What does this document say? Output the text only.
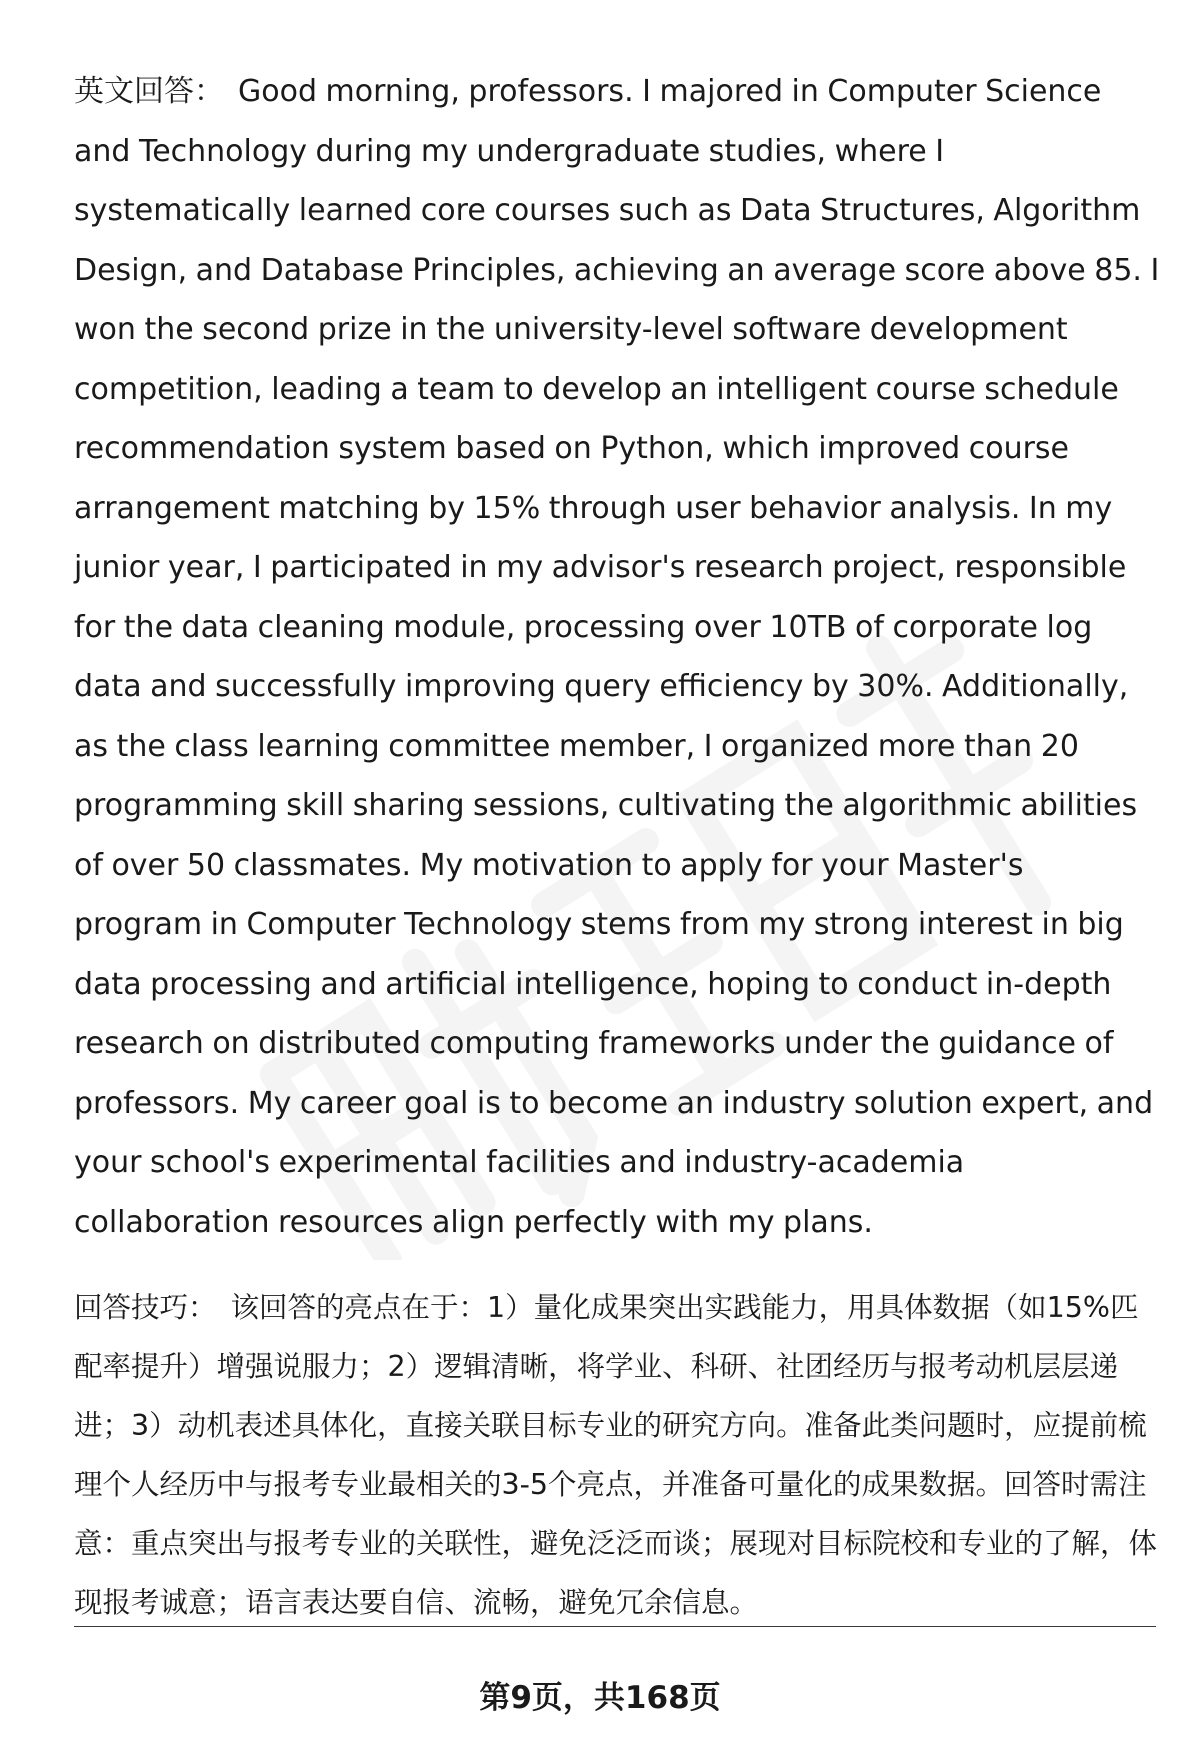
英文回答： Good morning, professors. I majored in Computer Science and Technology during my undergraduate studies, where I systematically learned core courses such as Data Structures, Algorithm Design, and Database Principles, achieving an average score above 85. I won the second prize in the university-level software development competition, leading a team to develop an intelligent course schedule recommendation system based on Python, which improved course arrangement matching by 15% through user behavior analysis. In my junior year, I participated in my advisor's research project, responsible for the data cleaning module, processing over 10TB of corporate log data and successfully improving query efficiency by 30%. Additionally, as the class learning committee member, I organized more than 20 programming skill sharing sessions, cultivating the algorithmic abilities of over 50 classmates. My motivation to apply for your Master's program in Computer Technology stems from my strong interest in big data processing and artificial intelligence, hoping to conduct in-depth research on distributed computing frameworks under the guidance of professors. My career goal is to become an industry solution expert, and your school's experimental facilities and industry-academia collaboration resources align perfectly with my plans.

回答技巧： 该回答的亮点在于：1）量化成果突出实践能力，用具体数据（如15%匹配率提升）增强说服力；2）逻辑清晰，将学业、科研、社团经历与报考动机层层递进；3）动机表述具体化，直接关联目标专业的研究方向。准备此类问题时，应提前梳理个人经历中与报考专业最相关的3-5个亮点，并准备可量化的成果数据。回答时需注意：重点突出与报考专业的关联性，避免泛泛而谈；展现对目标院校和专业的了解，体现报考诚意；语言表达要自信、流畅，避免冗余信息。

第9页，共168页
